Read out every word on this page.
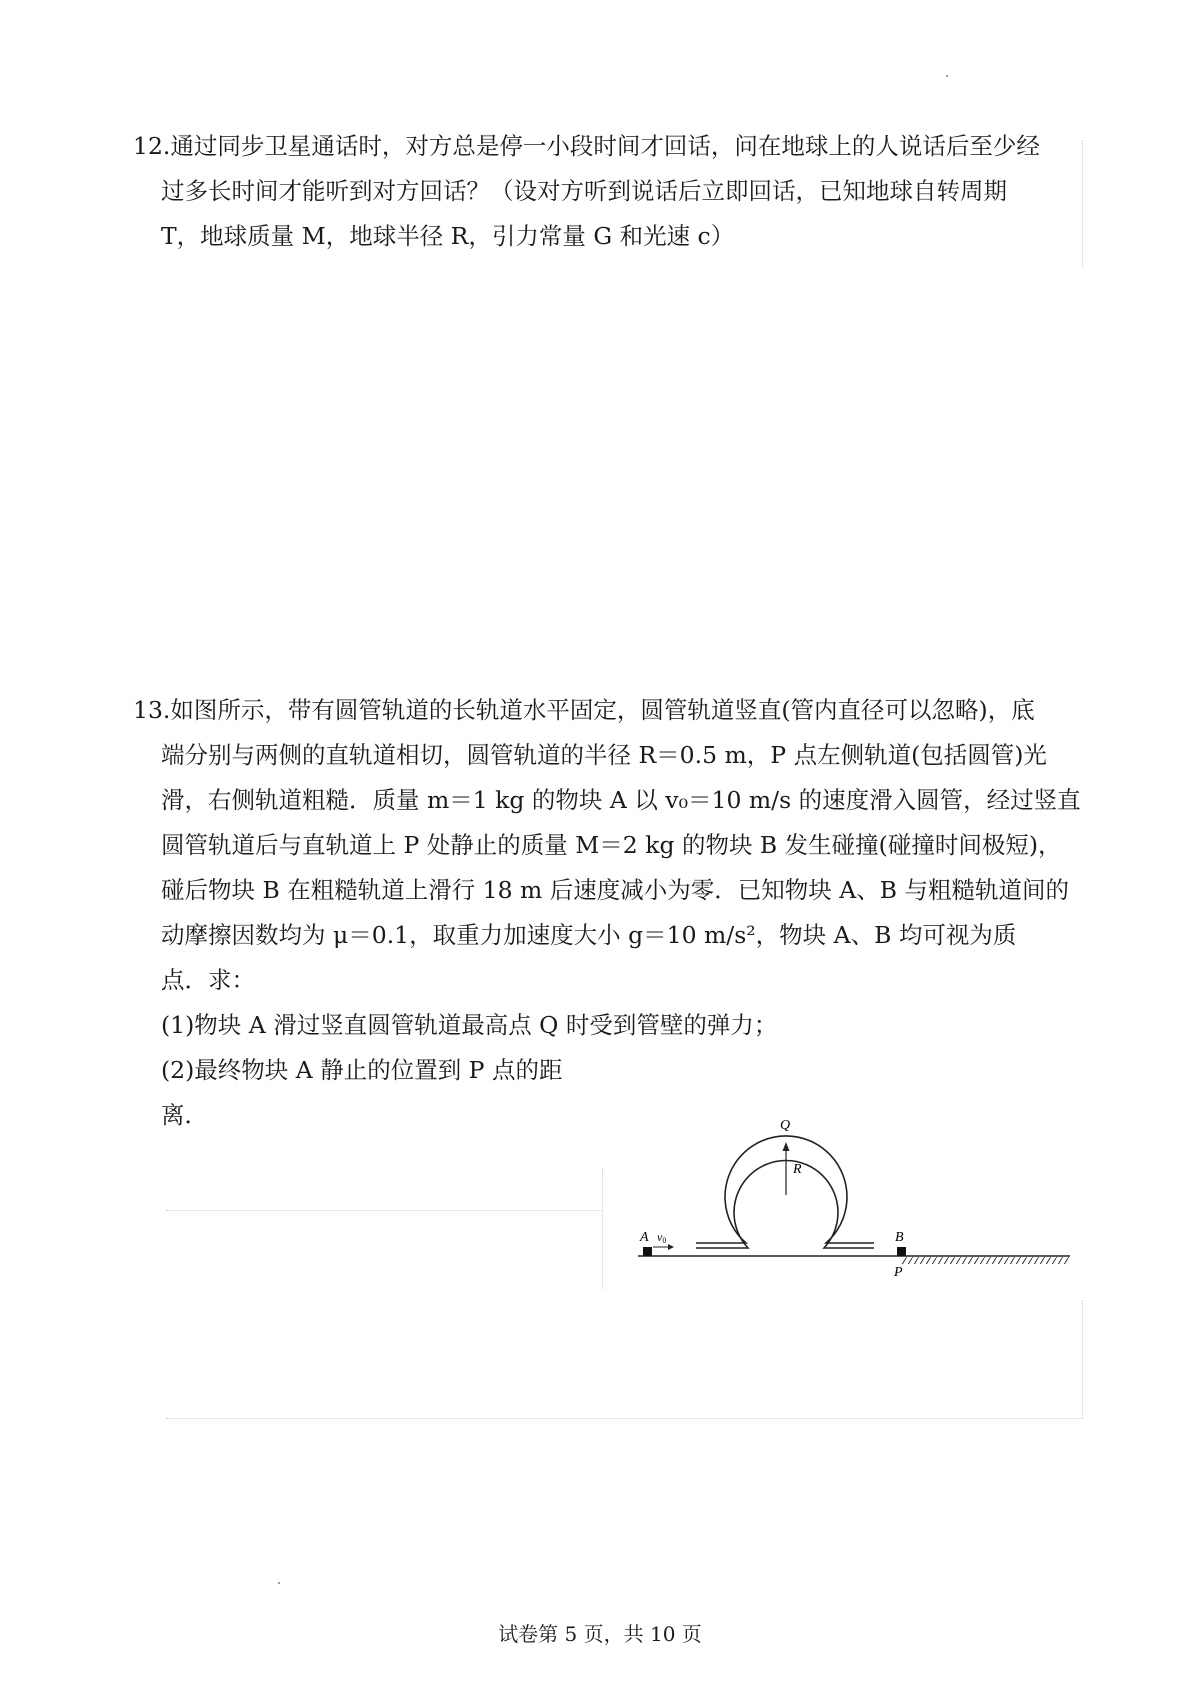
12.通过同步卫星通话时，对方总是停一小段时间才回话，问在地球上的人说话后至少经

过多长时间才能听到对方回话？（设对方听到说话后立即回话，已知地球自转周期

T，地球质量 M，地球半径 R，引力常量 G 和光速 c）

13.如图所示，带有圆管轨道的长轨道水平固定，圆管轨道竖直(管内直径可以忽略)，底

端分别与两侧的直轨道相切，圆管轨道的半径 R＝0.5 m，P 点左侧轨道(包括圆管)光

滑，右侧轨道粗糙．质量 m＝1 kg 的物块 A 以 v₀＝10 m/s 的速度滑入圆管，经过竖直

圆管轨道后与直轨道上 P 处静止的质量 M＝2 kg 的物块 B 发生碰撞(碰撞时间极短)，

碰后物块 B 在粗糙轨道上滑行 18 m 后速度减小为零．已知物块 A、B 与粗糙轨道间的

动摩擦因数均为 μ＝0.1，取重力加速度大小 g＝10 m/s²，物块 A、B 均可视为质

点．求：

(1)物块 A 滑过竖直圆管轨道最高点 Q 时受到管壁的弹力；

(2)最终物块 A 静止的位置到 P 点的距

离．

R
Q
A v0	B
P
试卷第 5 页，共 10 页
